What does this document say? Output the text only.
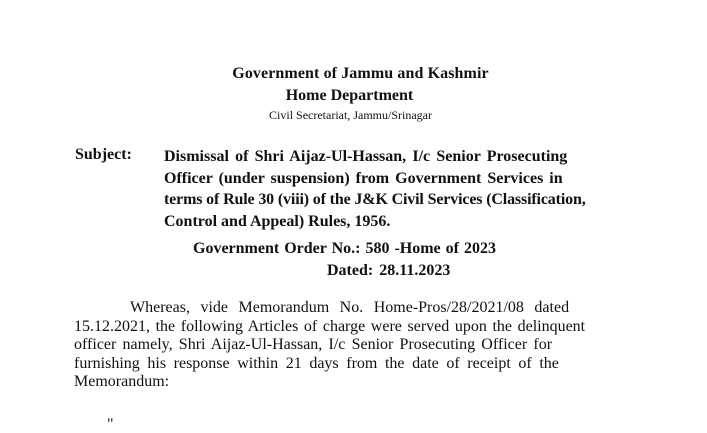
Government of Jammu and Kashmir
Home Department
Civil Secretariat, Jammu/Srinagar
Subject: Dismissal of Shri Aijaz-Ul-Hassan, I/c Senior Prosecuting
Officer (under suspension) from Government Services in
terms of Rule 30 (viii) of the J&K Civil Services (Classification,
Control and Appeal) Rules, 1956.
Government Order No.: 580 -Home of 2023
Dated: 28.11.2023
Whereas, vide Memorandum No. Home-Pros/28/2021/08 dated
15.12.2021, the following Articles of charge were served upon the delinquent
officer namely, Shri Aijaz-Ul-Hassan, I/c Senior Prosecuting Officer for
furnishing his response within 21 days from the date of receipt of the
Memorandum:
"
